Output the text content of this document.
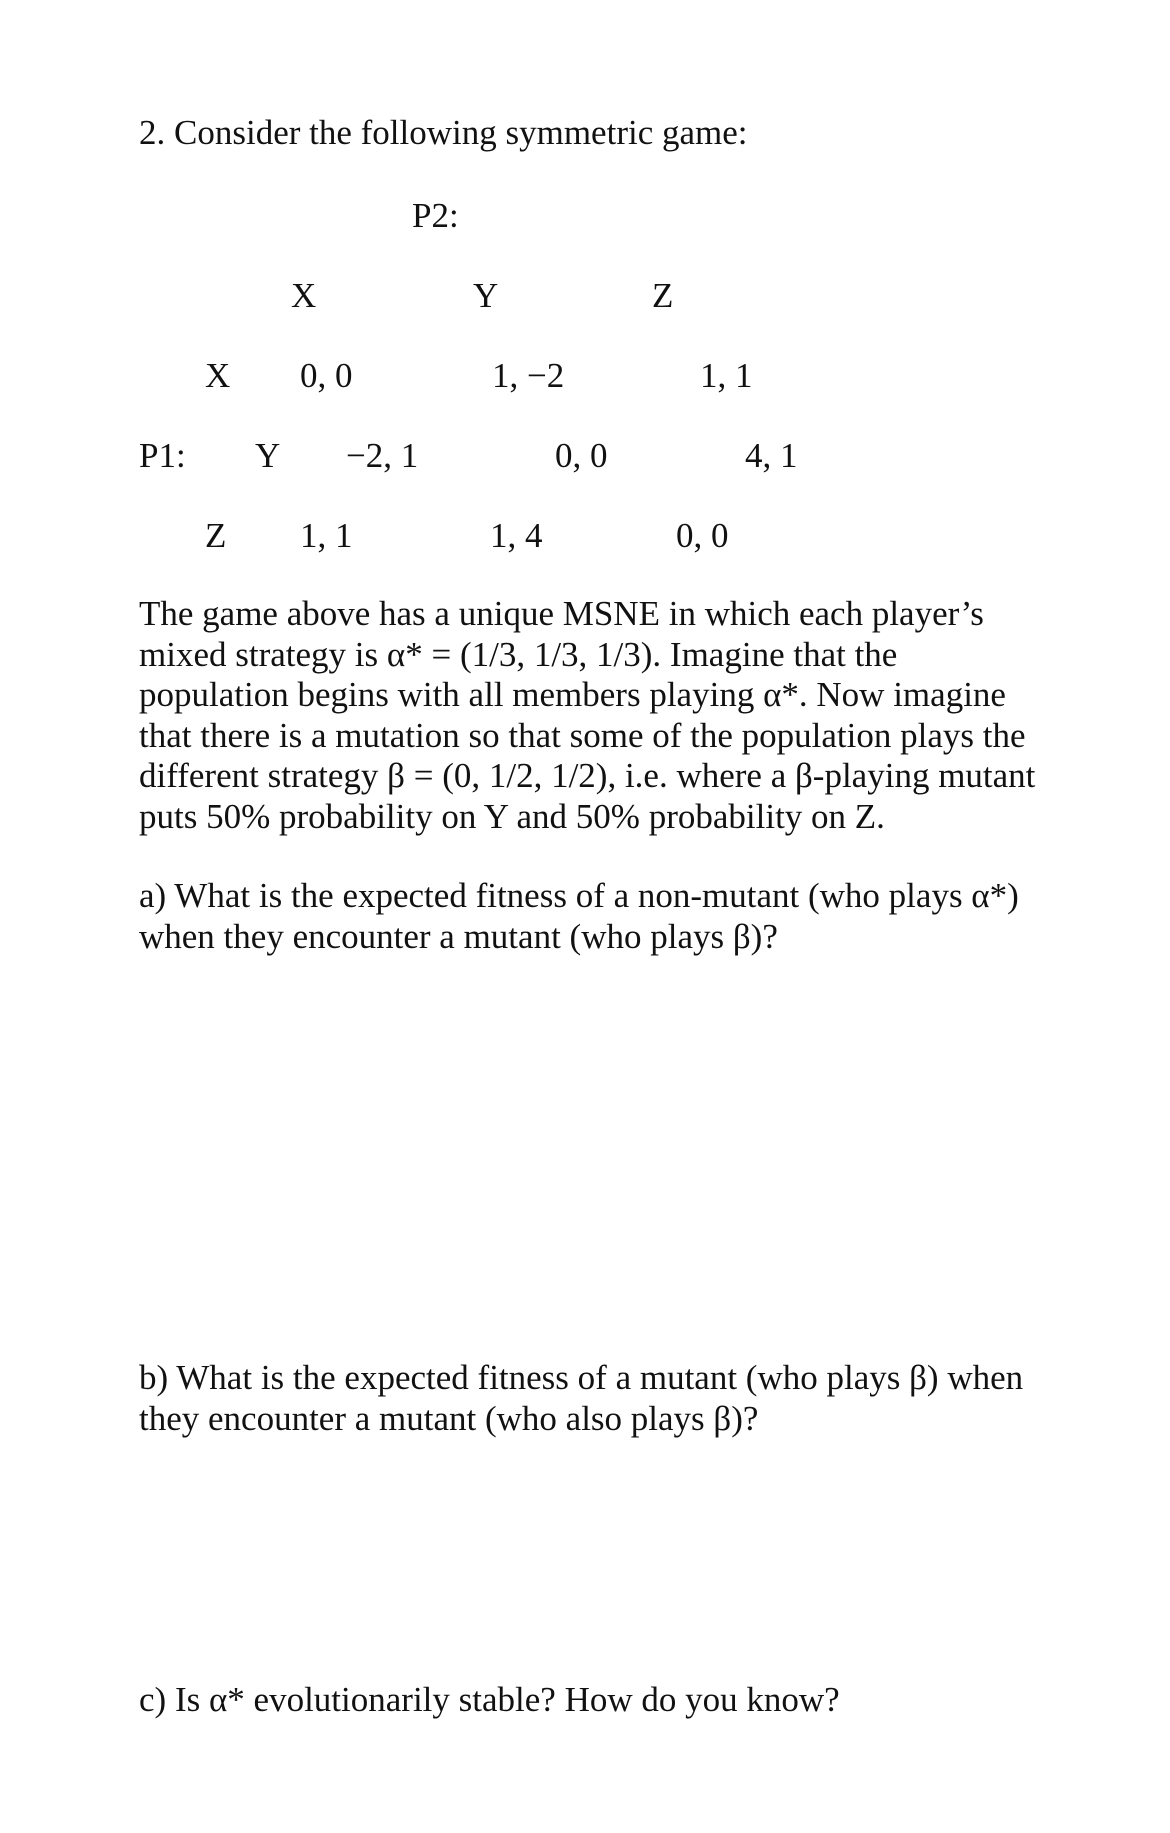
2. Consider the following symmetric game:
P2:
X	Y	Z
X 0, 0	1, −2	1, 1
P1: Y −2, 1	0, 0	4, 1
Z 1, 1	1, 4	0, 0
The game above has a unique MSNE in which each player’s
mixed strategy is α* = (1/3, 1/3, 1/3). Imagine that the
population begins with all members playing α*. Now imagine
that there is a mutation so that some of the population plays the
different strategy β = (0, 1/2, 1/2), i.e. where a β-playing mutant
puts 50% probability on Y and 50% probability on Z.
a) What is the expected fitness of a non-mutant (who plays α*)
when they encounter a mutant (who plays β)?
b) What is the expected fitness of a mutant (who plays β) when
they encounter a mutant (who also plays β)?
c) Is α* evolutionarily stable? How do you know?
